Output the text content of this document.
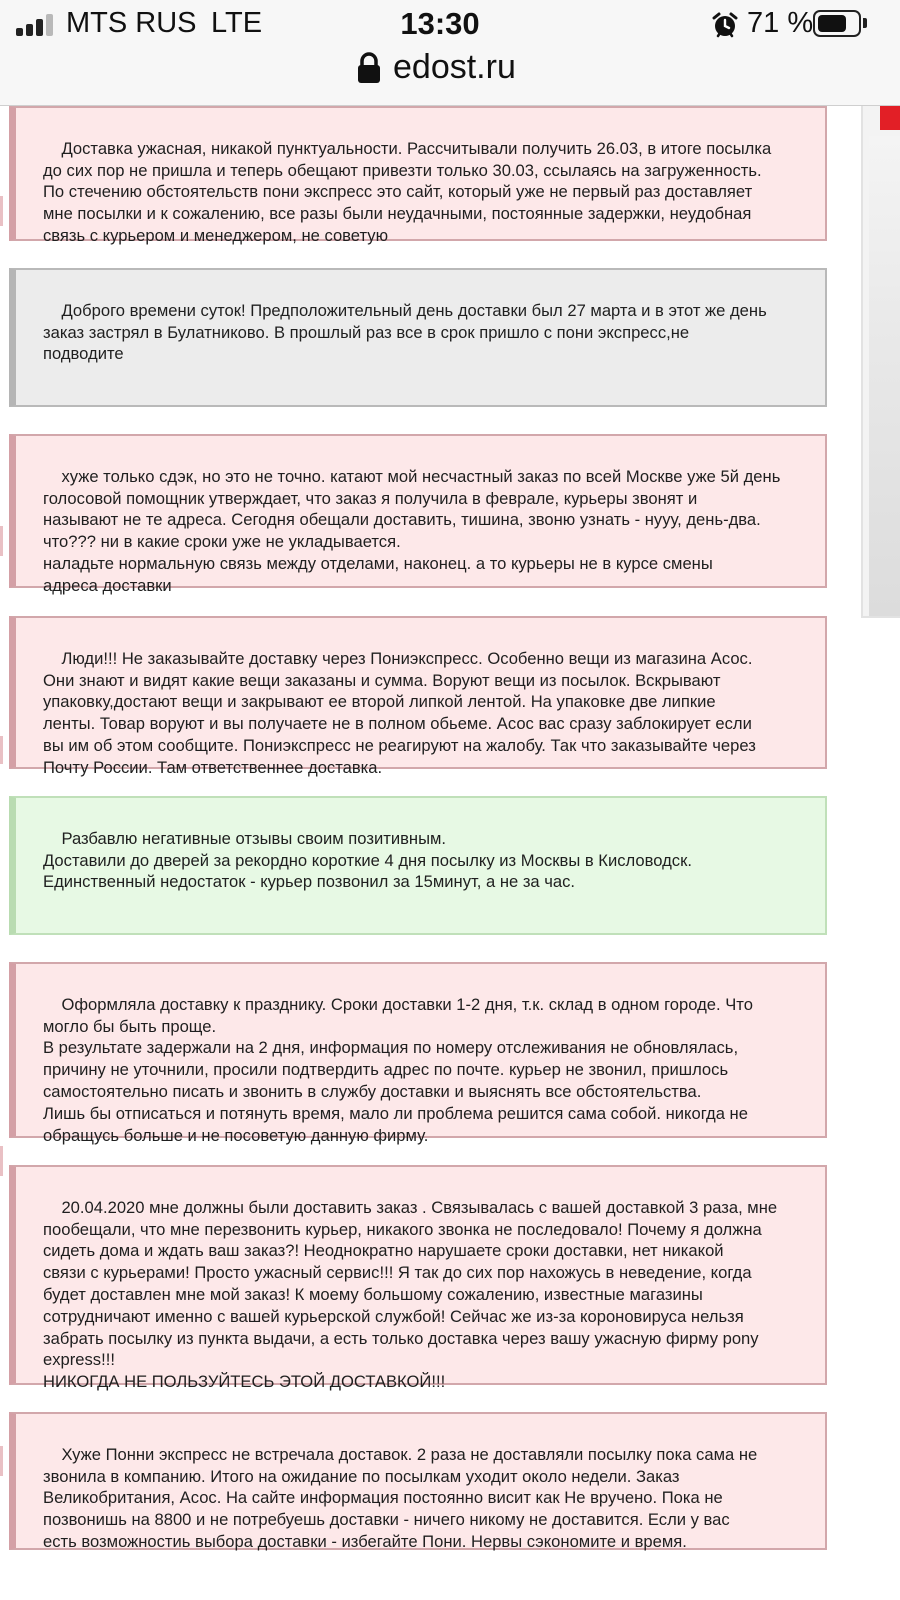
MTS RUS LTE	13:30	71 %
edost.ru

Доставка ужасная, никакой пунктуальности. Рассчитывали получить 26.03, в итоге посылка
до сих пор не пришла и теперь обещают привезти только 30.03, ссылаясь на загруженность.
По стечению обстоятельств пони экспресс это сайт, который уже не первый раз доставляет
мне посылки и к сожалению, все разы были неудачными, постоянные задержки, неудобная
связь с курьером и менеджером, не советую

Доброго времени суток! Предположительный день доставки был 27 марта и в этот же день
заказ застрял в Булатниково. В прошлый раз все в срок пришло с пони экспресс,не
подводите

хуже только сдэк, но это не точно. катают мой несчастный заказ по всей Москве уже 5й день
голосовой помощник утверждает, что заказ я получила в феврале, курьеры звонят и
называют не те адреса. Сегодня обещали доставить, тишина, звоню узнать - нууу, день-два.
что??? ни в какие сроки уже не укладывается.
наладьте нормальную связь между отделами, наконец. а то курьеры не в курсе смены
адреса доставки

Люди!!! Не заказывайте доставку через Пониэкспресс. Особенно вещи из магазина Асос.
Они знают и видят какие вещи заказаны и сумма. Воруют вещи из посылок. Вскрывают
упаковку,достают вещи и закрывают ее второй липкой лентой. На упаковке две липкие
ленты. Товар воруют и вы получаете не в полном обьеме. Асос вас сразу заблокирует если
вы им об этом сообщите. Пониэкспресс не реагируют на жалобу. Так что заказывайте через
Почту России. Там ответственнее доставка.

Разбавлю негативные отзывы своим позитивным.
Доставили до дверей за рекордно короткие 4 дня посылку из Москвы в Кисловодск.
Единственный недостаток - курьер позвонил за 15минут, а не за час.

Оформляла доставку к празднику. Сроки доставки 1-2 дня, т.к. склад в одном городе. Что
могло бы быть проще.
В результате задержали на 2 дня, информация по номеру отслеживания не обновлялась,
причину не уточнили, просили подтвердить адрес по почте. курьер не звонил, пришлось
самостоятельно писать и звонить в службу доставки и выяснять все обстоятельства.
Лишь бы отписаться и потянуть время, мало ли проблема решится сама собой. никогда не
обращусь больше и не посоветую данную фирму.

20.04.2020 мне должны были доставить заказ . Связывалась с вашей доставкой 3 раза, мне
пообещали, что мне перезвонить курьер, никакого звонка не последовало! Почему я должна
сидеть дома и ждать ваш заказ?! Неоднократно нарушаете сроки доставки, нет никакой
связи с курьерами! Просто ужасный сервис!!! Я так до сих пор нахожусь в неведение, когда
будет доставлен мне мой заказ! К моему большому сожалению, известные магазины
сотрудничают именно с вашей курьерской службой! Сейчас же из-за короновируса нельзя
забрать посылку из пункта выдачи, а есть только доставка через вашу ужасную фирму pony
express!!!
НИКОГДА НЕ ПОЛЬЗУЙТЕСЬ ЭТОЙ ДОСТАВКОЙ!!!

Хуже Понни экспресс не встречала доставок. 2 раза не доставляли посылку пока сама не
звонила в компанию. Итого на ожидание по посылкам уходит около недели. Заказ
Великобритания, Асос. На сайте информация постоянно висит как Не вручено. Пока не
позвонишь на 8800 и не потребуешь доставки - ничего никому не доставится. Если у вас
есть возможностиь выбора доставки - избегайте Пони. Нервы сэкономите и время.
